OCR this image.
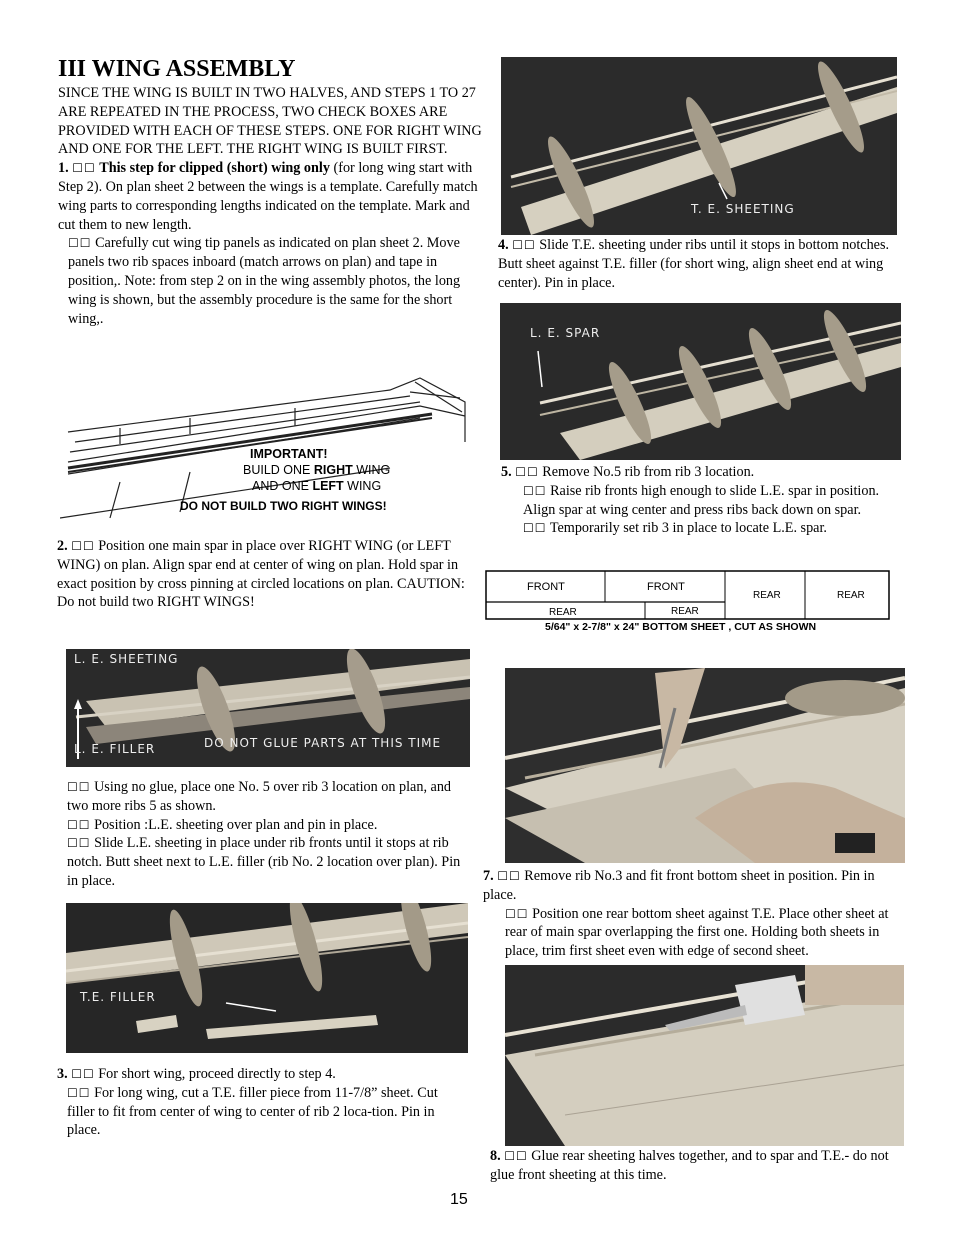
III WING ASSEMBLY

SINCE THE WING IS BUILT IN TWO HALVES, AND STEPS 1 TO 27 ARE REPEATED IN THE PROCESS, TWO CHECK BOXES ARE PROVIDED WITH EACH OF THESE STEPS. ONE FOR RIGHT WING AND ONE FOR THE LEFT. THE RIGHT WING IS BUILT FIRST.

1. ☐☐ This step for clipped (short) wing only (for long wing start with Step 2). On plan sheet 2 between the wings is a template. Carefully match wing parts to corresponding lengths indicated on the template. Mark and cut them to new length.

☐☐ Carefully cut wing tip panels as indicated on plan sheet 2. Move panels two rib spaces inboard (match arrows on plan) and tape in position,. Note: from step 2 on in the wing assembly photos, the long wing is shown, but the assembly procedure is the same for the short wing,.

IMPORTANT!
BUILD ONE RIGHT WING
AND ONE LEFT WING
DO NOT BUILD TWO RIGHT WINGS!
2. ☐☐ Position one main spar in place over RIGHT WING (or LEFT WING) on plan. Align spar end at center of wing on plan. Hold spar in exact position by cross pinning at circled locations on plan. CAUTION: Do not build two RIGHT WINGS!
L. E. SHEETING
L. E. FILLER	DO NOT GLUE PARTS AT THIS TIME

☐☐ Using no glue, place one No. 5 over rib 3 location on plan, and two more ribs 5 as shown.

☐☐ Position :L.E. sheeting over plan and pin in place.

☐☐ Slide L.E. sheeting in place under rib fronts until it stops at rib notch. Butt sheet next to L.E. filler (rib No. 2 location over plan). Pin in place.

T.E. FILLER

3. ☐☐ For short wing, proceed directly to step 4.

☐☐ For long wing, cut a T.E. filler piece from 11-7/8” sheet. Cut filler to fit from center of wing to center of rib 2 loca-tion. Pin in place.

T. E. SHEETING
4. ☐☐ Slide T.E. sheeting under ribs until it stops in bottom notches. Butt sheet against T.E. filler (for short wing, align sheet end at wing center). Pin in place.
L. E. SPAR

5. ☐☐ Remove No.5 rib from rib 3 location.

☐☐ Raise rib fronts high enough to slide L.E. spar in position. Align spar at wing center and press ribs back down on spar.

☐☐ Temporarily set rib 3 in place to locate L.E. spar.

FRONT	FRONT
REAR	REAR
REAR	REAR
5/64" x 2-7/8" x 24" BOTTOM SHEET , CUT AS SHOWN

7. ☐☐ Remove rib No.3 and fit front bottom sheet in position. Pin in place.

☐☐ Position one rear bottom sheet against T.E. Place other sheet at rear of main spar overlapping the first one. Holding both sheets in place, trim first sheet even with edge of second sheet.

8. ☐☐ Glue rear sheeting halves together, and to spar and T.E.- do not glue front sheeting at this time.
15
